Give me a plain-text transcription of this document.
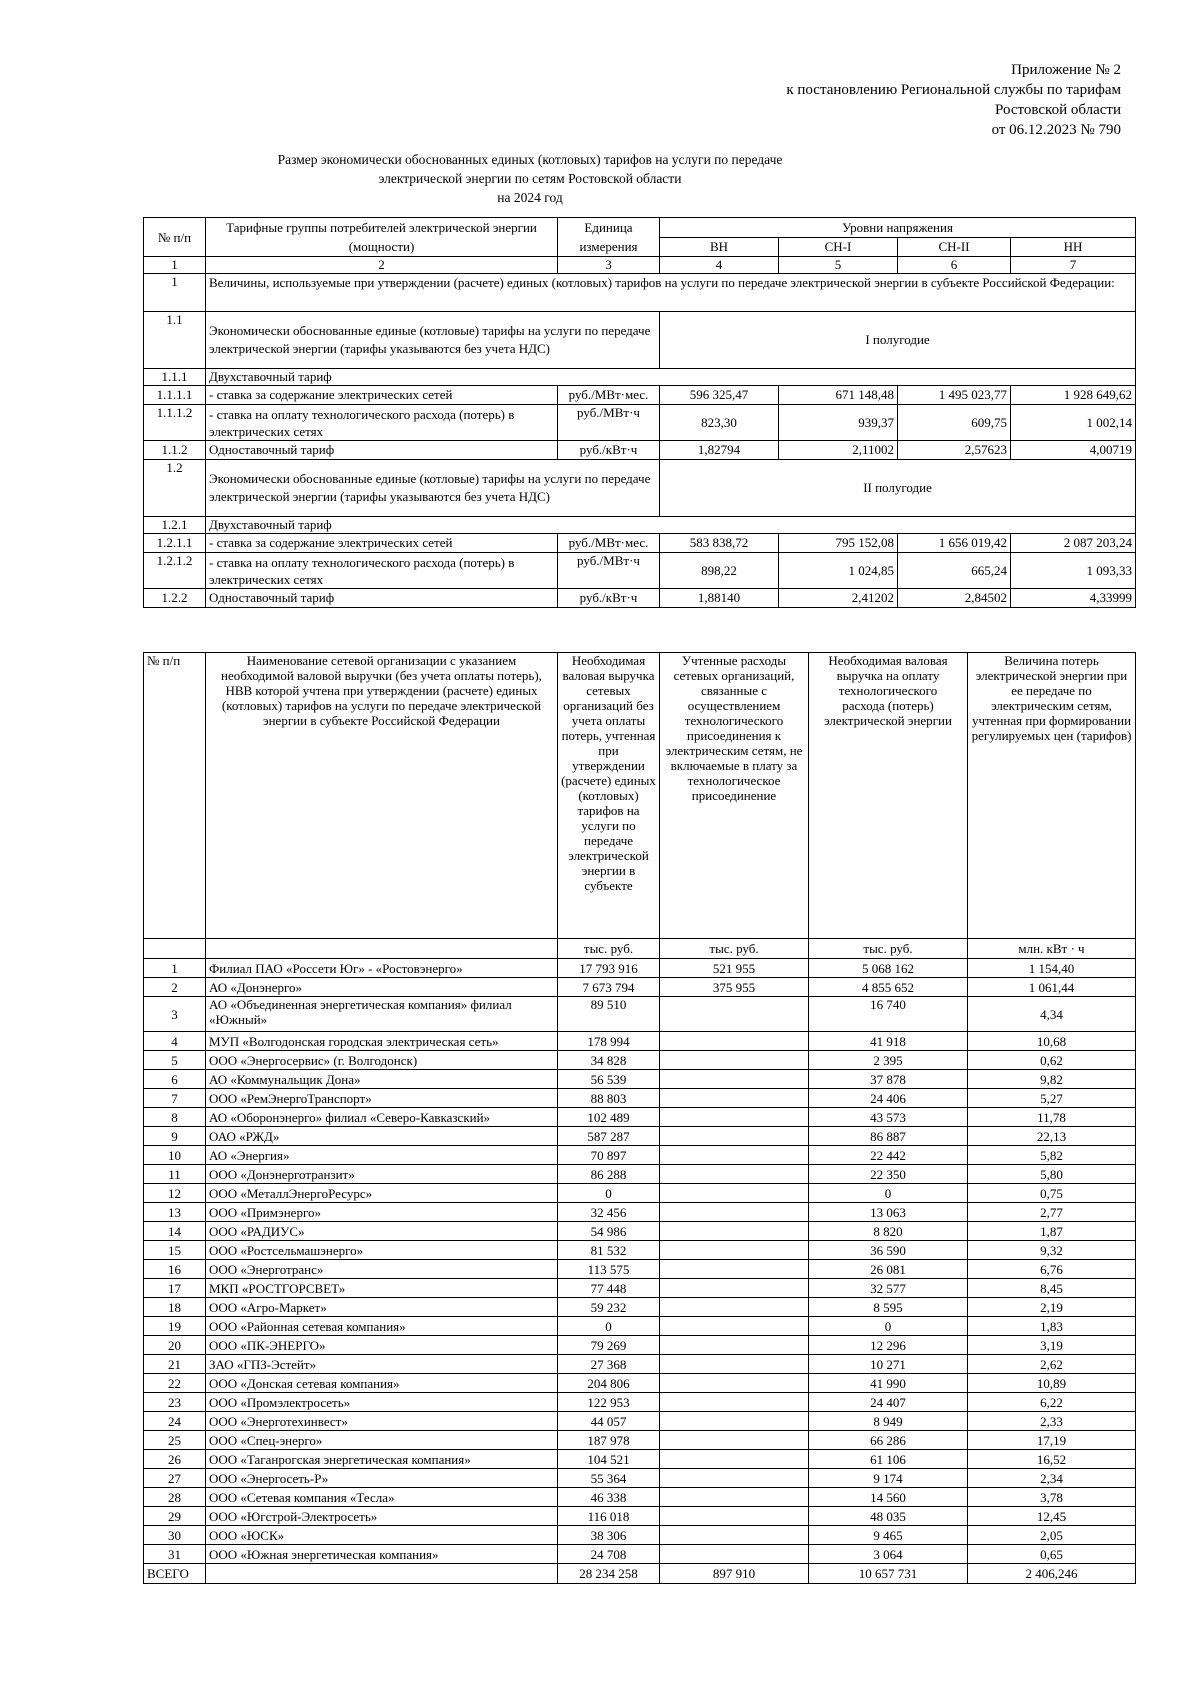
Приложение № 2
к постановлению Региональной службы по тарифам
Ростовской области
от 06.12.2023 № 790
Размер экономически обоснованных единых (котловых) тарифов на услуги по передаче
электрической энергии по сетям Ростовской области
на 2024 год
№ п/п	Тарифные группы потребителей электрической энергии (мощности)	Единица измерения	Уровни напряжения			
			ВН	СН-I	СН-II	НН
1	2	3	4	5	6	7
1	Величины, используемые при утверждении (расчете) единых (котловых) тарифов на услуги по передаче электрической энергии в субъекте Российской Федерации:					
1.1	Экономически обоснованные единые (котловые) тарифы на услуги по передаче электрической энергии (тарифы указываются без учета НДС)		I полугодие			
1.1.1	Двухставочный тариф					
1.1.1.1	- ставка за содержание электрических сетей	руб./МВт·мес.	596 325,47	671 148,48	1 495 023,77	1 928 649,62
1.1.1.2	- ставка на оплату технологического расхода (потерь) в электрических сетях	руб./МВт·ч	823,30	939,37	609,75	1 002,14
1.1.2	Одноставочный тариф	руб./кВт·ч	1,82794	2,11002	2,57623	4,00719
1.2	Экономически обоснованные единые (котловые) тарифы на услуги по передаче электрической энергии (тарифы указываются без учета НДС)		II полугодие			
1.2.1	Двухставочный тариф					
1.2.1.1	- ставка за содержание электрических сетей	руб./МВт·мес.	583 838,72	795 152,08	1 656 019,42	2 087 203,24
1.2.1.2	- ставка на оплату технологического расхода (потерь) в электрических сетях	руб./МВт·ч	898,22	1 024,85	665,24	1 093,33
1.2.2	Одноставочный тариф	руб./кВт·ч	1,88140	2,41202	2,84502	4,33999
№ п/п	Наименование сетевой организации с указанием необходимой валовой выручки (без учета оплаты потерь), НВВ которой учтена при утверждении (расчете) единых (котловых) тарифов на услуги по передаче электрической энергии в субъекте Российской Федерации	Необходимая валовая выручка сетевых организаций без учета оплаты потерь, учтенная при утверждении (расчете) единых (котловых) тарифов на услуги по передаче электрической энергии в субъекте	Учтенные расходы сетевых организаций, связанные с осуществлением технологического присоединения к электрическим сетям, не включаемые в плату за технологическое присоединение	Необходимая валовая выручка на оплату технологического расхода (потерь) электрической энергии	Величина потерь электрической энергии при ее передаче по электрическим сетям, учтенная при формировании регулируемых цен (тарифов)
		тыс. руб.	тыс. руб.	тыс. руб.	млн. кВт · ч
1	Филиал ПАО «Россети Юг» - «Ростовэнерго»	17 793 916	521 955	5 068 162	1 154,40
2	АО «Донэнерго»	7 673 794	375 955	4 855 652	1 061,44
3	АО «Объединенная энергетическая компания» филиал «Южный»	89 510		16 740	4,34
4	МУП «Волгодонская городская электрическая сеть»	178 994		41 918	10,68
5	ООО «Энергосервис» (г. Волгодонск)	34 828		2 395	0,62
6	АО «Коммунальщик Дона»	56 539		37 878	9,82
7	ООО «РемЭнергоТранспорт»	88 803		24 406	5,27
8	АО «Оборонэнерго» филиал «Северо-Кавказский»	102 489		43 573	11,78
9	ОАО «РЖД»	587 287		86 887	22,13
10	АО «Энергия»	70 897		22 442	5,82
11	ООО «Донэнерготранзит»	86 288		22 350	5,80
12	ООО «МеталлЭнергоРесурс»	0		0	0,75
13	ООО «Примэнерго»	32 456		13 063	2,77
14	ООО «РАДИУС»	54 986		8 820	1,87
15	ООО «Ростсельмашэнерго»	81 532		36 590	9,32
16	ООО «Энерготранс»	113 575		26 081	6,76
17	МКП «РОСТГОРСВЕТ»	77 448		32 577	8,45
18	ООО «Агро-Маркет»	59 232		8 595	2,19
19	ООО «Районная сетевая компания»	0		0	1,83
20	ООО «ПК-ЭНЕРГО»	79 269		12 296	3,19
21	ЗАО «ГПЗ-Эстейт»	27 368		10 271	2,62
22	ООО «Донская сетевая компания»	204 806		41 990	10,89
23	ООО «Промэлектросеть»	122 953		24 407	6,22
24	ООО «Энерготехинвест»	44 057		8 949	2,33
25	ООО «Спец-энерго»	187 978		66 286	17,19
26	ООО «Таганрогская энергетическая компания»	104 521		61 106	16,52
27	ООО «Энергосеть-Р»	55 364		9 174	2,34
28	ООО «Сетевая компания «Тесла»	46 338		14 560	3,78
29	ООО «Югстрой-Электросеть»	116 018		48 035	12,45
30	ООО «ЮСК»	38 306		9 465	2,05
31	ООО «Южная энергетическая компания»	24 708		3 064	0,65
ВСЕГО		28 234 258	897 910	10 657 731	2 406,246
